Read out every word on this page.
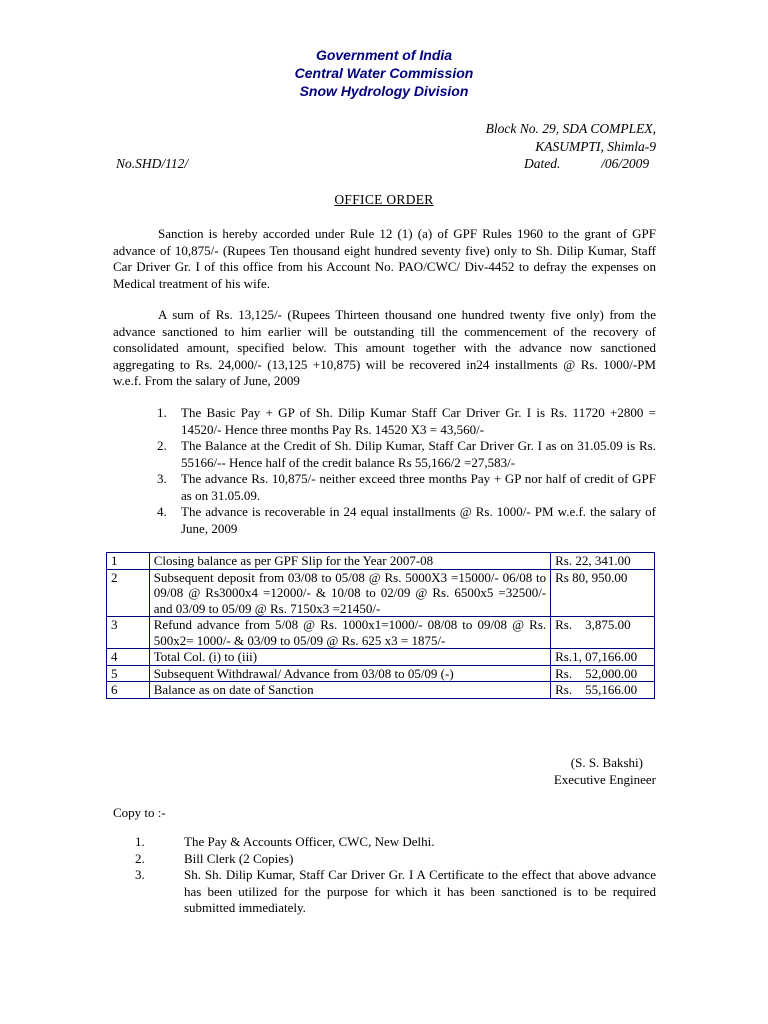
Government of India
Central Water Commission
Snow Hydrology Division
Block No. 29, SDA COMPLEX,
KASUMPTI, Shimla-9
No.SHD/112/	Dated.	/06/2009
OFFICE ORDER

Sanction is hereby accorded under Rule 12 (1) (a) of GPF Rules 1960 to the grant of GPF advance of 10,875/- (Rupees Ten thousand eight hundred seventy five) only to Sh. Dilip Kumar, Staff Car Driver Gr. I of this office from his Account No. PAO/CWC/ Div-4452 to defray the expenses on Medical treatment of his wife.

A sum of Rs. 13,125/- (Rupees Thirteen thousand one hundred twenty five only) from the advance sanctioned to him earlier will be outstanding till the commencement of the recovery of consolidated amount, specified below. This amount together with the advance now sanctioned aggregating to Rs. 24,000/- (13,125 +10,875) will be recovered in24 installments @ Rs. 1000/-PM w.e.f. From the salary of June, 2009

1. The Basic Pay + GP of Sh. Dilip Kumar Staff Car Driver Gr. I is Rs. 11720 +2800 = 14520/- Hence three months Pay Rs. 14520 X3 = 43,560/-
2. The Balance at the Credit of Sh. Dilip Kumar, Staff Car Driver Gr. I as on 31.05.09 is Rs. 55166/-- Hence half of the credit balance Rs 55,166/2 =27,583/-
3. The advance Rs. 10,875/- neither exceed three months Pay + GP nor half of credit of GPF as on 31.05.09.
4. The advance is recoverable in 24 equal installments @ Rs. 1000/- PM w.e.f. the salary of June, 2009
1	Closing balance as per GPF Slip for the Year 2007-08	Rs. 22, 341.00
2	Subsequent deposit from 03/08 to 05/08 @ Rs. 5000X3 =15000/- 06/08 to 09/08 @ Rs3000x4 =12000/- & 10/08 to 02/09 @ Rs. 6500x5 =32500/- and 03/09 to 05/09 @ Rs. 7150x3 =21450/-	Rs 80, 950.00
3	Refund advance from 5/08 @ Rs. 1000x1=1000/- 08/08 to 09/08 @ Rs. 500x2= 1000/- & 03/09 to 05/09 @ Rs. 625 x3 = 1875/-	Rs.    3,875.00
4	Total Col. (i) to (iii)	Rs.1, 07,166.00
5	Subsequent Withdrawal/ Advance from 03/08 to 05/09 (-)	Rs.    52,000.00
6	Balance as on date of Sanction	Rs.    55,166.00
(S. S. Bakshi)
Executive Engineer
Copy to :-
1.	The Pay & Accounts Officer, CWC, New Delhi.
2.	Bill Clerk (2 Copies)
3.	Sh. Sh. Dilip Kumar, Staff Car Driver Gr. I A Certificate to the effect that above advance has been utilized for the purpose for which it has been sanctioned is to be required submitted immediately.
